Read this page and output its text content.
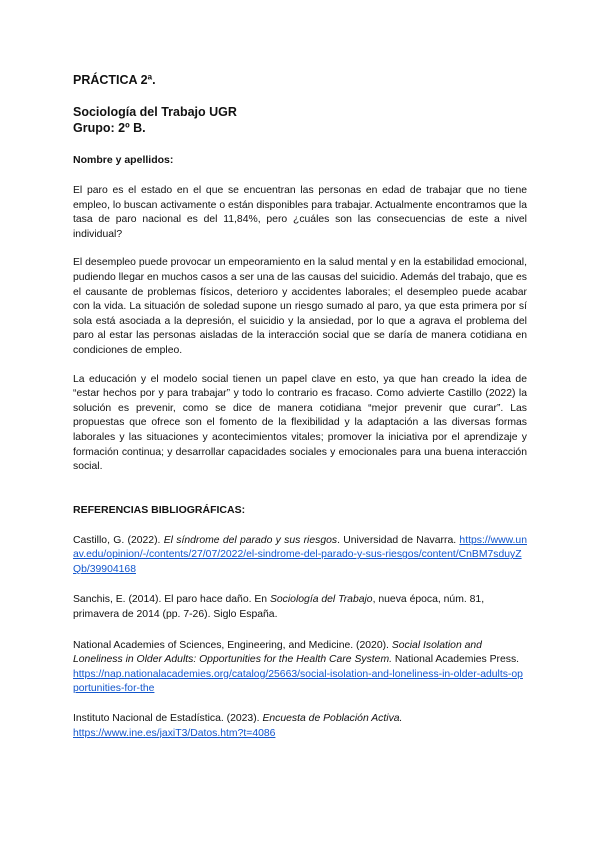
PRÁCTICA 2ª.

Sociología del Trabajo UGR

Grupo: 2º B.

Nombre y apellidos:

El paro es el estado en el que se encuentran las personas en edad de trabajar que no tiene empleo, lo buscan activamente o están disponibles para trabajar. Actualmente encontramos que la tasa de paro nacional es del 11,84%, pero ¿cuáles son las consecuencias de este a nivel individual?

El desempleo puede provocar un empeoramiento en la salud mental y en la estabilidad emocional, pudiendo llegar en muchos casos a ser una de las causas del suicidio. Además del trabajo, que es el causante de problemas físicos, deterioro y accidentes laborales; el desempleo puede acabar con la vida. La situación de soledad supone un riesgo sumado al paro, ya que esta primera por sí sola está asociada a la depresión, el suicidio y la ansiedad, por lo que a agrava el problema del paro al estar las personas aisladas de la interacción social que se daría de manera cotidiana en condiciones de empleo.

La educación y el modelo social tienen un papel clave en esto, ya que han creado la idea de “estar hechos por y para trabajar” y todo lo contrario es fracaso. Como advierte Castillo (2022) la solución es prevenir, como se dice de manera cotidiana “mejor prevenir que curar”. Las propuestas que ofrece son el fomento de la flexibilidad y la adaptación a las diversas formas laborales y las situaciones y acontecimientos vitales; promover la iniciativa por el aprendizaje y formación continua; y desarrollar capacidades sociales y emocionales para una buena interacción social.

REFERENCIAS BIBLIOGRÁFICAS:

Castillo, G. (2022). El síndrome del parado y sus riesgos. Universidad de Navarra. https://www.unav.edu/opinion/-/contents/27/07/2022/el-sindrome-del-parado-y-sus-riesgos/content/CnBM7sduyZQb/39904168

Sanchis, E. (2014). El paro hace daño. En Sociología del Trabajo, nueva época, núm. 81, primavera de 2014 (pp. 7-26). Siglo España.

National Academies of Sciences, Engineering, and Medicine. (2020). Social Isolation and Loneliness in Older Adults: Opportunities for the Health Care System. National Academies Press.
https://nap.nationalacademies.org/catalog/25663/social-isolation-and-loneliness-in-older-adults-opportunities-for-the

Instituto Nacional de Estadística. (2023). Encuesta de Población Activa.
https://www.ine.es/jaxiT3/Datos.htm?t=4086
